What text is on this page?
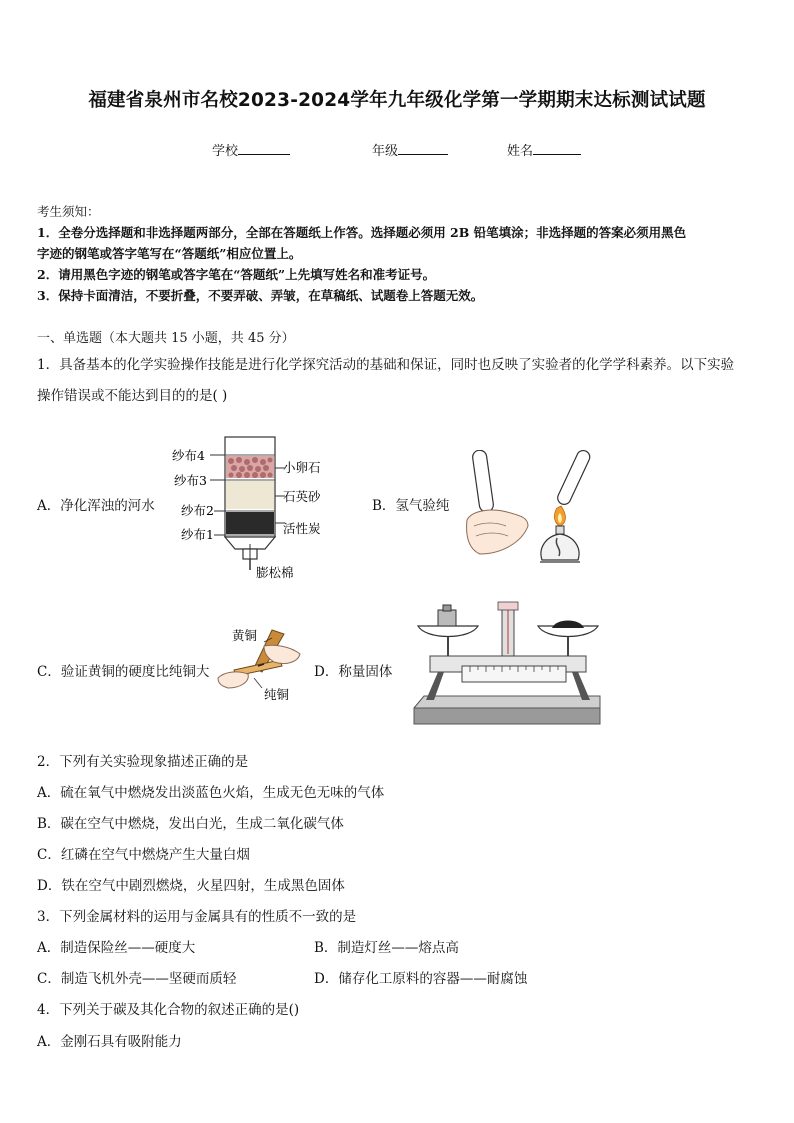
福建省泉州市名校2023-2024学年九年级化学第一学期期末达标测试试题
学校	年级	姓名
考生须知：
1．全卷分选择题和非选择题两部分，全部在答题纸上作答。选择题必须用 2B 铅笔填涂；非选择题的答案必须用黑色
字迹的钢笔或答字笔写在“答题纸”相应位置上。
2．请用黑色字迹的钢笔或答字笔在“答题纸”上先填写姓名和准考证号。
3．保持卡面清洁，不要折叠，不要弄破、弄皱，在草稿纸、试题卷上答题无效。
一、单选题（本大题共 15 小题，共 45 分）
1．具备基本的化学实验操作技能是进行化学探究活动的基础和保证，同时也反映了实验者的化学学科素养。以下实验
操作错误或不能达到目的的是( )
A．净化浑浊的河水	B．氢气验纯
C．验证黄铜的硬度比纯铜大	D．称量固体
纱布4
纱布3
纱布2
纱布1
小卵石
石英砂
活性炭
膨松棉
黄铜
纯铜
2．下列有关实验现象描述正确的是
A．硫在氧气中燃烧发出淡蓝色火焰，生成无色无味的气体
B．碳在空气中燃烧，发出白光，生成二氧化碳气体
C．红磷在空气中燃烧产生大量白烟
D．铁在空气中剧烈燃烧，火星四射，生成黑色固体
3．下列金属材料的运用与金属具有的性质不一致的是
A．制造保险丝——硬度大	B．制造灯丝——熔点高
C．制造飞机外壳——坚硬而质轻	D．储存化工原料的容器——耐腐蚀
4．下列关于碳及其化合物的叙述正确的是()
A．金刚石具有吸附能力
